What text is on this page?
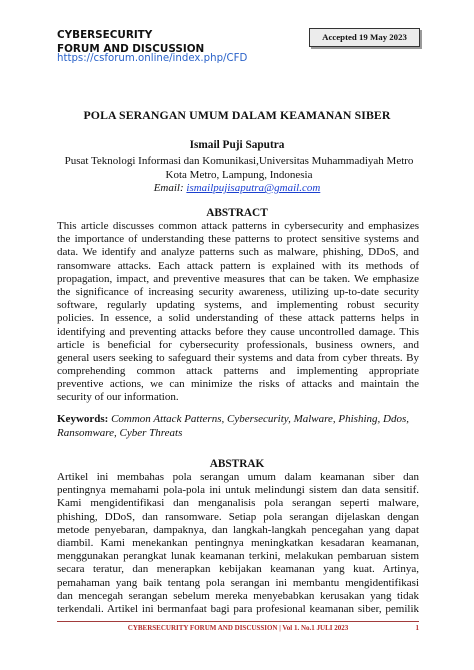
CYBERSECURITY
FORUM AND DISCUSSION
https://csforum.online/index.php/CFD
Accepted 19 May 2023
POLA SERANGAN UMUM DALAM KEAMANAN SIBER
Ismail Puji Saputra
Pusat Teknologi Informasi dan Komunikasi,Universitas Muhammadiyah Metro
Kota Metro, Lampung, Indonesia
Email: ismailpujisaputra@gmail.com
ABSTRACT
This article discusses common attack patterns in cybersecurity and emphasizes
the importance of understanding these patterns to protect sensitive systems and
data. We identify and analyze patterns such as malware, phishing, DDoS, and
ransomware attacks. Each attack pattern is explained with its methods of
propagation, impact, and preventive measures that can be taken. We emphasize
the significance of increasing security awareness, utilizing up-to-date security
software, regularly updating systems, and implementing robust security
policies. In essence, a solid understanding of these attack patterns helps in
identifying and preventing attacks before they cause uncontrolled damage. This
article is beneficial for cybersecurity professionals, business owners, and
general users seeking to safeguard their systems and data from cyber threats. By
comprehending common attack patterns and implementing appropriate
preventive actions, we can minimize the risks of attacks and maintain the
security of our information.
Keywords: Common Attack Patterns, Cybersecurity, Malware, Phishing, Ddos,
Ransomware, Cyber Threats
ABSTRAK
Artikel ini membahas pola serangan umum dalam keamanan siber dan
pentingnya memahami pola-pola ini untuk melindungi sistem dan data sensitif.
Kami mengidentifikasi dan menganalisis pola serangan seperti malware,
phishing, DDoS, dan ransomware. Setiap pola serangan dijelaskan dengan
metode penyebaran, dampaknya, dan langkah-langkah pencegahan yang dapat
diambil. Kami menekankan pentingnya meningkatkan kesadaran keamanan,
menggunakan perangkat lunak keamanan terkini, melakukan pembaruan sistem
secara teratur, dan menerapkan kebijakan keamanan yang kuat. Artinya,
pemahaman yang baik tentang pola serangan ini membantu mengidentifikasi
dan mencegah serangan sebelum mereka menyebabkan kerusakan yang tidak
terkendali. Artikel ini bermanfaat bagi para profesional keamanan siber, pemilik
CYBERSECURITY FORUM AND DISCUSSION | Vol 1. No.1 JULI 2023	1
